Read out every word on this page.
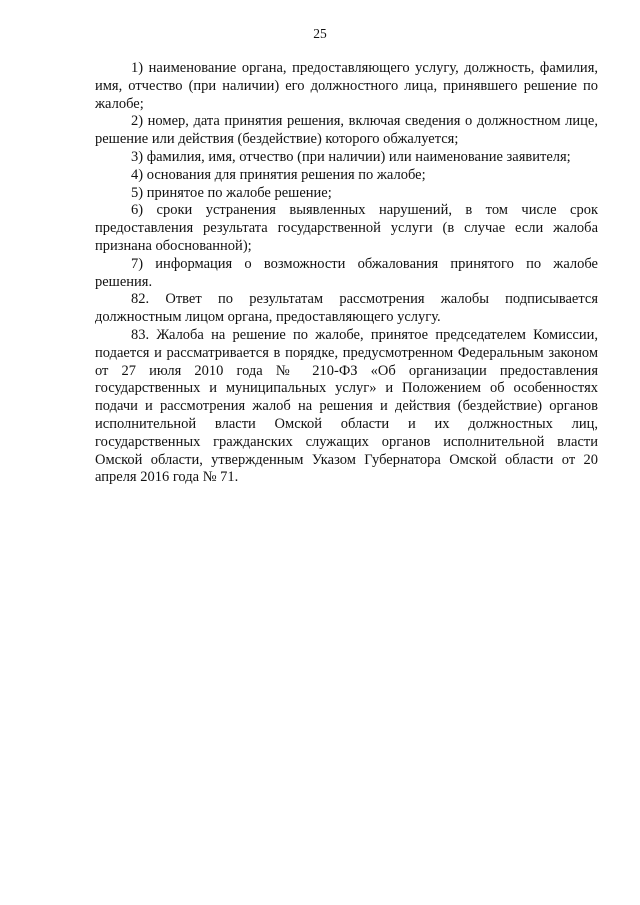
25

1) наименование органа, предоставляющего услугу, должность, фамилия, имя, отчество (при наличии) его должностного лица, принявшего решение по жалобе;

2) номер, дата принятия решения, включая сведения о должностном лице, решение или действия (бездействие) которого обжалуется;

3) фамилия, имя, отчество (при наличии) или наименование заявителя;

4) основания для принятия решения по жалобе;

5) принятое по жалобе решение;

6) сроки устранения выявленных нарушений, в том числе срок предоставления результата государственной услуги (в случае если жалоба признана обоснованной);

7) информация о возможности обжалования принятого по жалобе решения.

82. Ответ по результатам рассмотрения жалобы подписывается должностным лицом органа, предоставляющего услугу.

83. Жалоба на решение по жалобе, принятое председателем Комиссии, подается и рассматривается в порядке, предусмотренном Федеральным законом от 27 июля 2010 года № 210-ФЗ «Об организации предоставления государственных и муниципальных услуг» и Положением об особенностях подачи и рассмотрения жалоб на решения и действия (бездействие) органов исполнительной власти Омской области и их должностных лиц, государственных гражданских служащих органов исполнительной власти Омской области, утвержденным Указом Губернатора Омской области от 20 апреля 2016 года № 71.
